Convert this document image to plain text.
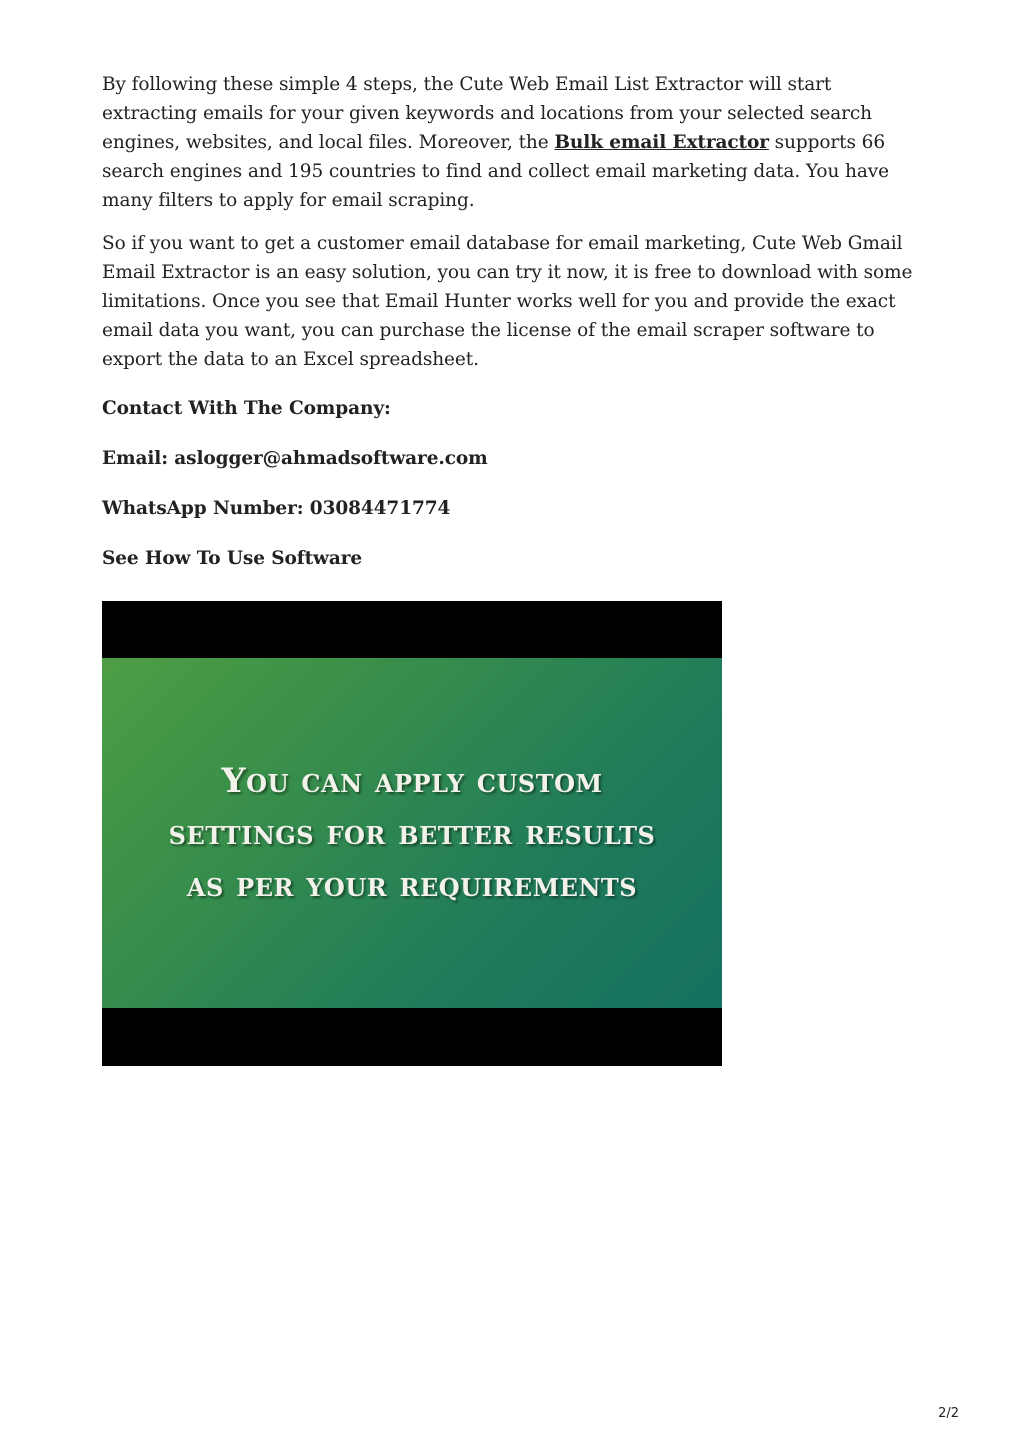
By following these simple 4 steps, the Cute Web Email List Extractor will start extracting emails for your given keywords and locations from your selected search engines, websites, and local files. Moreover, the Bulk email Extractor supports 66 search engines and 195 countries to find and collect email marketing data. You have many filters to apply for email scraping.

So if you want to get a customer email database for email marketing, Cute Web Gmail Email Extractor is an easy solution, you can try it now, it is free to download with some limitations. Once you see that Email Hunter works well for you and provide the exact email data you want, you can purchase the license of the email scraper software to export the data to an Excel spreadsheet.

Contact With The Company:

Email: aslogger@ahmadsoftware.com

WhatsApp Number: 03084471774

See How To Use Software

You can apply custom
settings for better results
as per your requirements
2/2
